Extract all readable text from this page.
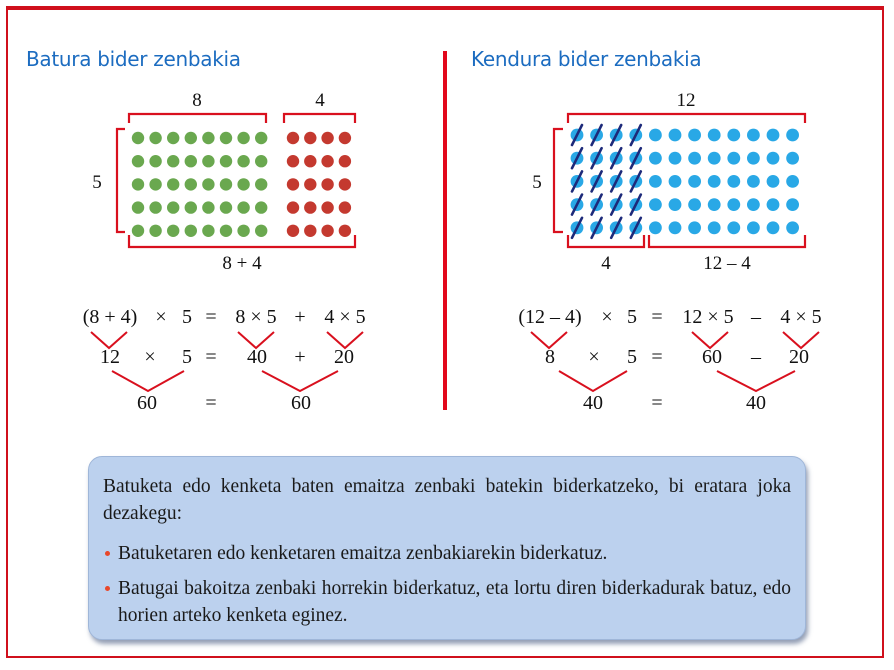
Batura bider zenbakia	Kendura bider zenbakia
8	4
5
8 + 4
12
5
4	12 – 4
(8 + 4) × 5 = 8 × 5 + 4 × 5
12 × 5 = 40 + 20
60 =	60
(12 – 4) × 5 = 12 × 5 – 4 × 5
8 × 5 = 60 – 20
40 =	40
Batuketa edo kenketa baten emaitza zenbaki batekin biderkatzeko, bi eratara joka dezakegu:
Batuketaren edo kenketaren emaitza zenbakiarekin biderkatuz.
Batugai bakoitza zenbaki horrekin biderkatuz, eta lortu diren biderkadurak batuz, edo horien arteko kenketa eginez.
